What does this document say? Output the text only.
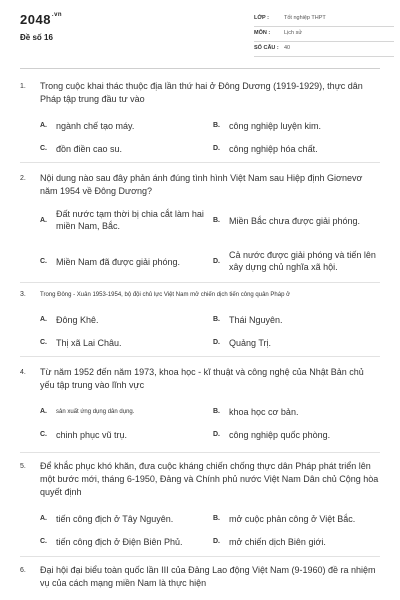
$2048^{.vn}$
Đề số 16
LỚP :	Tốt nghiệp THPT
MÔN :	Lịch sử
SỐ CÂU : 40
1. Trong cuộc khai thác thuộc địa lần thứ hai ở Đông Dương (1919-1929), thực dân Pháp tập trung đầu tư vào
A. ngành chế tạo máy.	B. công nghiệp luyện kim.
C. đồn điền cao su.	D. công nghiệp hóa chất.
2. Nội dung nào sau đây phản ánh đúng tình hình Việt Nam sau Hiệp định Giơnevơ năm 1954 về Đông Dương?
A.Đất nước tạm thời bị chia cắt làm hai miền Nam, Bắc.
B. Miền Bắc chưa được giải phóng.
C. Miền Nam đã được giải phóng.	D.Cả nước được giải phóng và tiến lên xây dựng chủ nghĩa xã hội.
3. Trong Đông - Xuân 1953-1954, bộ đội chủ lực Việt Nam mở chiến dịch tiến công quân Pháp ở
A. Đông Khê.	B. Thái Nguyên.
C. Thị xã Lai Châu.	D. Quảng Trị.
4. Từ năm 1952 đến năm 1973, khoa học - kĩ thuật và công nghệ của Nhật Bản chủ yếu tập trung vào lĩnh vực
A. sản xuất ứng dụng dân dụng.	B. khoa học cơ bản.
C. chinh phục vũ trụ.	D. công nghiệp quốc phòng.
5. Để khắc phục khó khăn, đưa cuộc kháng chiến chống thực dân Pháp phát triển lên một bước mới, tháng 6-1950, Đảng và Chính phủ nước Việt Nam Dân chủ Cộng hòa quyết định
A. tiến công địch ở Tây Nguyên.	B. mở cuộc phản công ở Việt Bắc.
C. tiến công địch ở Điện Biên Phủ.	D. mở chiến dịch Biên giới.
6. Đại hội đại biểu toàn quốc lần III của Đảng Lao động Việt Nam (9-1960) đề ra nhiệm vụ của cách mạng miền Nam là thực hiện
